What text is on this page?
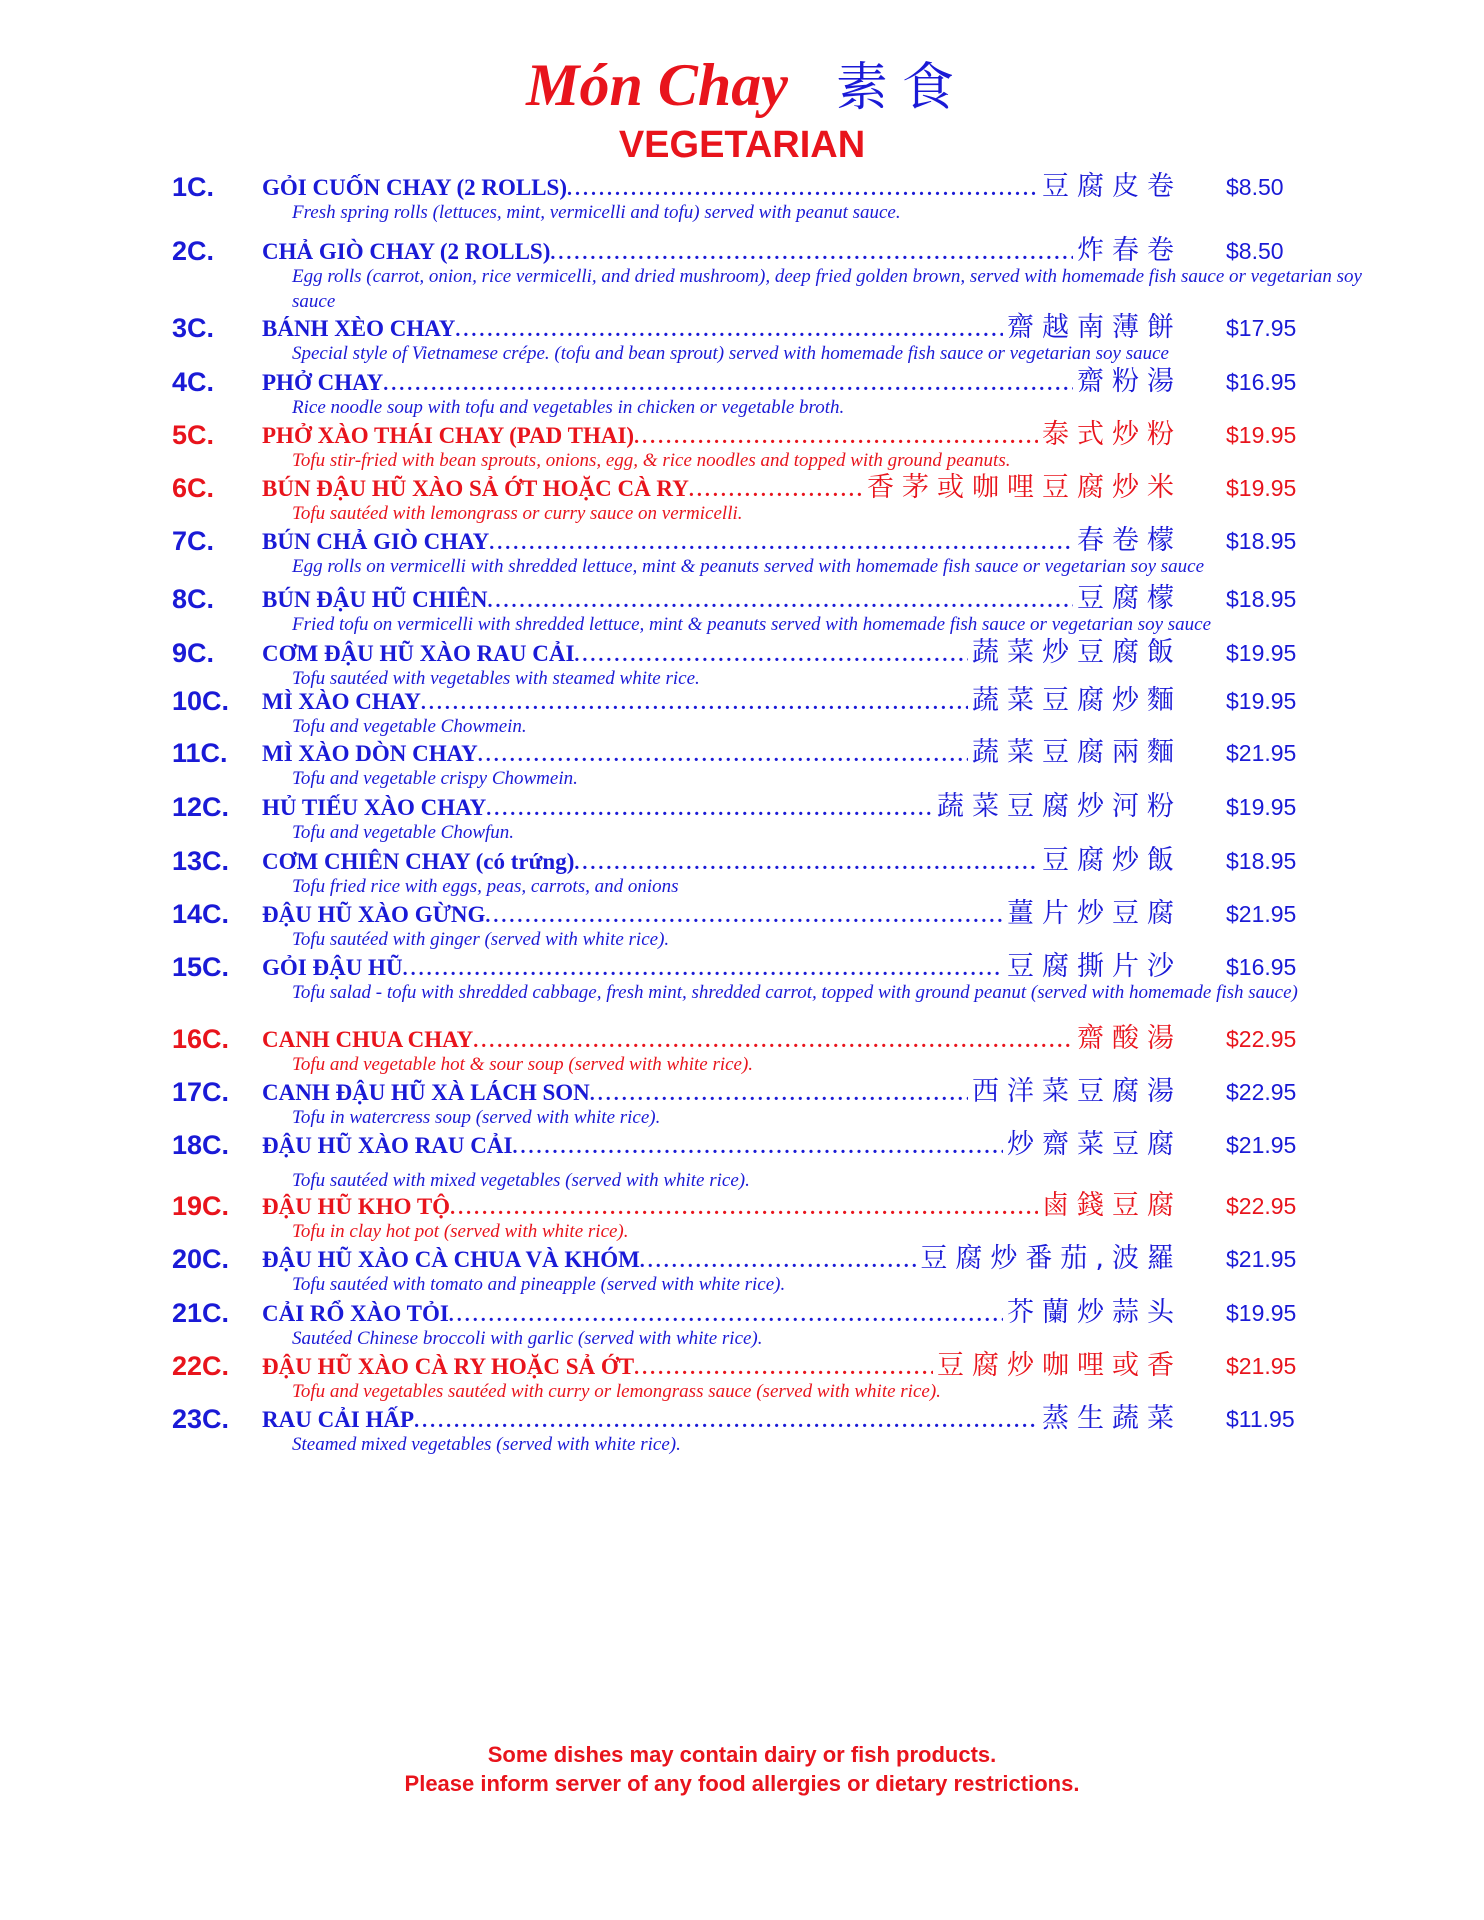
Món Chay 素食
VEGETARIAN
1C. GỎI CUỐN CHAY (2 ROLLS) . . .	豆腐皮卷 $8.50
Fresh spring rolls (lettuces, mint, vermicelli and tofu) served with peanut sauce.
2C. CHẢ GIÒ CHAY (2 ROLLS) . . .	炸春卷 $8.50
Egg rolls (carrot, onion, rice vermicelli, and dried mushroom), deep fried golden brown, served with homemade fish sauce or vegetarian soy sauce
3C. BÁNH XÈO CHAY . . .	齋越南薄餅 $17.95
Special style of Vietnamese crépe. (tofu and bean sprout) served with homemade fish sauce or vegetarian soy sauce
4C. PHỞ CHAY . . .	齋粉湯 $16.95
Rice noodle soup with tofu and vegetables in chicken or vegetable broth.
5C. PHỞ XÀO THÁI CHAY (PAD THAI) . . .	泰式炒粉 $19.95
Tofu stir-fried with bean sprouts, onions, egg, & rice noodles and topped with ground peanuts.
6C. BÚN ĐẬU HŨ XÀO SẢ ỚT HOẶC CÀ RY . . .	香茅或咖哩豆腐炒米 $19.95
Tofu sautéed with lemongrass or curry sauce on vermicelli.
7C. BÚN CHẢ GIÒ CHAY . . .	春卷檬 $18.95
Egg rolls on vermicelli with shredded lettuce, mint & peanuts served with homemade fish sauce or vegetarian soy sauce
8C. BÚN ĐẬU HŨ CHIÊN . . .	豆腐檬 $18.95
Fried tofu on vermicelli with shredded lettuce, mint & peanuts served with homemade fish sauce or vegetarian soy sauce
9C. CƠM ĐẬU HŨ XÀO RAU CẢI . . .	蔬菜炒豆腐飯 $19.95
Tofu sautéed with vegetables with steamed white rice.
10C. MÌ XÀO CHAY . . .	蔬菜豆腐炒麵 $19.95
Tofu and vegetable Chowmein.
11C. MÌ XÀO DÒN CHAY . . .	蔬菜豆腐兩麵 $21.95
Tofu and vegetable crispy Chowmein.
12C. HỦ TIẾU XÀO CHAY . . .	蔬菜豆腐炒河粉 $19.95
Tofu and vegetable Chowfun.
13C. CƠM CHIÊN CHAY (có trứng) . . .	豆腐炒飯 $18.95
Tofu fried rice with eggs, peas, carrots, and onions
14C. ĐẬU HŨ XÀO GỪNG . . .	薑片炒豆腐 $21.95
Tofu sautéed with ginger (served with white rice).
15C. GỎI ĐẬU HŨ . . .	豆腐撕片沙 $16.95
Tofu salad - tofu with shredded cabbage, fresh mint, shredded carrot, topped with ground peanut (served with homemade fish sauce)
16C. CANH CHUA CHAY . . .	齋酸湯 $22.95
Tofu and vegetable hot & sour soup (served with white rice).
17C. CANH ĐẬU HŨ XÀ LÁCH SON . . .	西洋菜豆腐湯 $22.95
Tofu in watercress soup (served with white rice).
18C. ĐẬU HŨ XÀO RAU CẢI . . .	炒齋菜豆腐 $21.95
Tofu sautéed with mixed vegetables (served with white rice).
19C. ĐẬU HŨ KHO TỘ . . .	鹵錢豆腐 $22.95
Tofu in clay hot pot (served with white rice).
20C. ĐẬU HŨ XÀO CÀ CHUA VÀ KHÓM . . .	豆腐炒番茄,波羅 $21.95
Tofu sautéed with tomato and pineapple (served with white rice).
21C. CẢI RỔ XÀO TỎI . . .	芥蘭炒蒜头 $19.95
Sautéed Chinese broccoli with garlic (served with white rice).
22C. ĐẬU HŨ XÀO CÀ RY HOẶC SẢ ỚT . . .	豆腐炒咖哩或香 $21.95
Tofu and vegetables sautéed with curry or lemongrass sauce (served with white rice).
23C. RAU CẢI HẤP . . .	蒸生蔬菜 $11.95
Steamed mixed vegetables (served with white rice).
Some dishes may contain dairy or fish products.
Please inform server of any food allergies or dietary restrictions.
